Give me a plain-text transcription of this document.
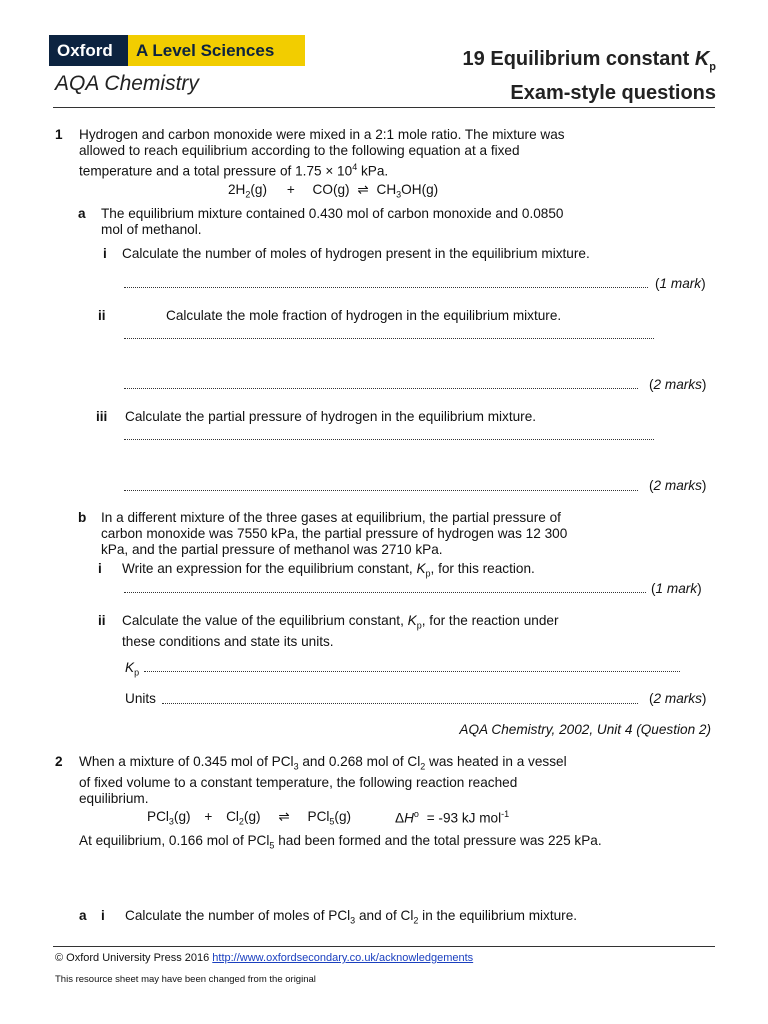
Oxford	A Level Sciences
AQA Chemistry
19 Equilibrium constant $K_p$
Exam-style questions
1 Hydrogen and carbon monoxide were mixed in a 2:1 mole ratio. The mixture was
allowed to reach equilibrium according to the following equation at a fixed
temperature and a total pressure of $1.75 \times 10^4$ kPa.
$2H_2(g) + CO(g)$ ⇌ $CH_3OH(g)$
a The equilibrium mixture contained 0.430 mol of carbon monoxide and 0.0850
mol of methanol.
i Calculate the number of moles of hydrogen present in the equilibrium mixture.
(1 mark)
ii	Calculate the mole fraction of hydrogen in the equilibrium mixture.
(2 marks)
iii Calculate the partial pressure of hydrogen in the equilibrium mixture.
(2 marks)
b In a different mixture of the three gases at equilibrium, the partial pressure of
carbon monoxide was 7550 kPa, the partial pressure of hydrogen was 12 300
kPa, and the partial pressure of methanol was 2710 kPa.
i Write an expression for the equilibrium constant, $K_p$, for this reaction.
(1 mark)
ii Calculate the value of the equilibrium constant, $K_p$, for the reaction under
these conditions and state its units.
$K_p$
Units	(2 marks)
AQA Chemistry, 2002, Unit 4 (Question 2)
2 When a mixture of 0.345 mol of PCl$_3$ and 0.268 mol of $Cl_2$ was heated in a vessel
of fixed volume to a constant temperature, the following reaction reached
equilibrium.
$PCl_3(g) + Cl_2(g)$ ⇌ PCl$_5$(g)	$\Delta H^o = -93$ kJ mol$^{-1}$
At equilibrium, 0.166 mol of PCl$_5$ had been formed and the total pressure was 225 kPa.
a i Calculate the number of moles of PCl$_3$ and of $Cl_2$ in the equilibrium mixture.
© Oxford University Press 2016 http://www.oxfordsecondary.co.uk/acknowledgements
This resource sheet may have been changed from the original
